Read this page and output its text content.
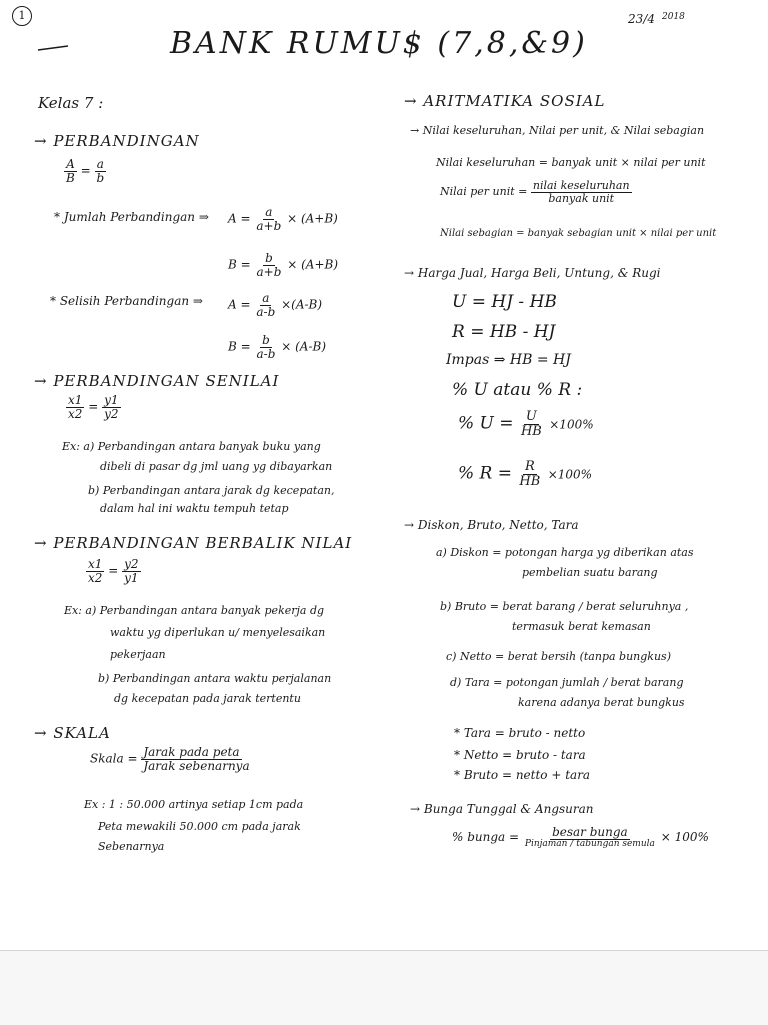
1
BANK RUMU$ (7,8,&9)
23/4 2018
Kelas 7 :
→ PERBANDINGAN
$\frac{A}{B} = \frac{a}{b}$
* Jumlah Perbandingan ⇒ $A = \frac{a}{a+b} \times (A+B)$
$B = \frac{b}{a+b} \times (A+B)$
* Selisih Perbandingan ⇒ $A = \frac{a}{a-b} \times(A-B)$
$B = \frac{b}{a-b} \times (A-B)$
→ PERBANDINGAN SENILAI
$\frac{x1}{x2} = \frac{y1}{y2}$
Ex: a) Perbandingan antara banyak buku yang
dibeli di pasar dg jml uang yg dibayarkan
b) Perbandingan antara jarak dg kecepatan,
dalam hal ini waktu tempuh tetap
→ PERBANDINGAN BERBALIK NILAI
$\frac{x1}{x2} = \frac{y2}{y1}$
Ex: a) Perbandingan antara banyak pekerja dg
waktu yg diperlukan u/ menyelesaikan
pekerjaan
b) Perbandingan antara waktu perjalanan
dg kecepatan pada jarak tertentu
→ SKALA
Skala = $\frac{\text{Jarak pada peta}}{\text{Jarak sebenarnya}}$
Ex : 1 : 50.000 artinya setiap 1cm pada
Peta mewakili 50.000 cm pada jarak
Sebenarnya
→ ARITMATIKA SOSIAL
→ Nilai keseluruhan, Nilai per unit, & Nilai sebagian
Nilai keseluruhan = banyak unit × nilai per unit
Nilai per unit = $\frac{\text{nilai keseluruhan}}{\text{banyak unit}}$
Nilai sebagian = banyak sebagian unit × nilai per unit
→ Harga Jual, Harga Beli, Untung, & Rugi
U = HJ - HB
R = HB - HJ
Impas ⇒ HB = HJ
% U atau % R :
% $U = \frac{U}{HB} \times 100\%$
% $R = \frac{R}{HB} \times 100\%$
→ Diskon, Bruto, Netto, Tara
a) Diskon = potongan harga yg diberikan atas
pembelian suatu barang
b) Bruto = berat barang / berat seluruhnya ,
termasuk berat kemasan
c) Netto = berat bersih (tanpa bungkus)
d) Tara = potongan jumlah / berat barang
karena adanya berat bungkus
* Tara = bruto - netto
* Netto = bruto - tara
* Bruto = netto + tara
→ Bunga Tunggal & Angsuran
% bunga = $\frac{\text{besar bunga}}{\text{Pinjaman / tabungan semula}} \times 100\%$
